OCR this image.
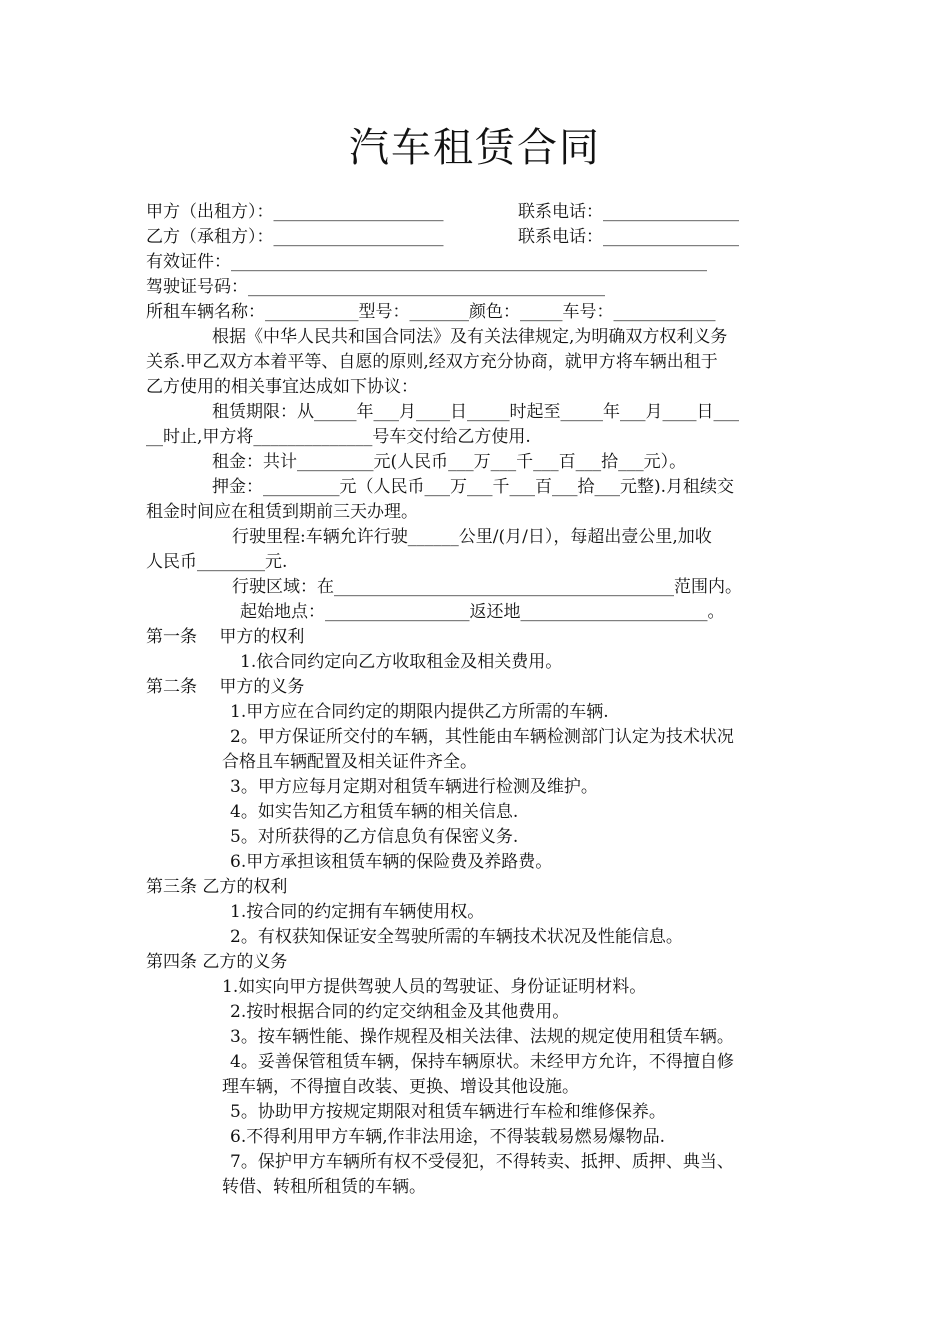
汽车租赁合同
甲方（出租方）：____________________	联系电话：________________
乙方（承租方）：____________________	联系电话：________________
有效证件：________________________________________________________
驾驶证号码：__________________________________________
所租车辆名称：___________型号：_______颜色：_____车号：____________
根据《中华人民共和国合同法》及有关法律规定,为明确双方权利义务
关系.甲乙双方本着平等、自愿的原则,经双方充分协商，就甲方将车辆出租于
乙方使用的相关事宜达成如下协议：
租赁期限：从_____年___月____日_____时起至_____年___月____日___
__时止,甲方将______________号车交付给乙方使用.
租金：共计_________元(人民币___万___千___百___拾___元）。
押金：_________元（人民币___万___千___百___拾___元整).月租续交
租金时间应在租赁到期前三天办理。
行驶里程:车辆允许行驶______公里/(月/日），每超出壹公里,加收
人民币________元.
行驶区域：在________________________________________范围内。
起始地点：_________________返还地______________________。
第一条　 甲方的权利
1.依合同约定向乙方收取租金及相关费用。
第二条　 甲方的义务
1.甲方应在合同约定的期限内提供乙方所需的车辆.
2。甲方保证所交付的车辆，其性能由车辆检测部门认定为技术状况
合格且车辆配置及相关证件齐全。
3。甲方应每月定期对租赁车辆进行检测及维护。
4。如实告知乙方租赁车辆的相关信息.
5。对所获得的乙方信息负有保密义务.
6.甲方承担该租赁车辆的保险费及养路费。
第三条 乙方的权利
1.按合同的约定拥有车辆使用权。
2。有权获知保证安全驾驶所需的车辆技术状况及性能信息。
第四条 乙方的义务
1.如实向甲方提供驾驶人员的驾驶证、身份证证明材料。
2.按时根据合同的约定交纳租金及其他费用。
3。按车辆性能、操作规程及相关法律、法规的规定使用租赁车辆。
4。妥善保管租赁车辆，保持车辆原状。未经甲方允许，不得擅自修
理车辆，不得擅自改装、更换、增设其他设施。
5。协助甲方按规定期限对租赁车辆进行车检和维修保养。
6.不得利用甲方车辆,作非法用途，不得装载易燃易爆物品.
7。保护甲方车辆所有权不受侵犯，不得转卖、抵押、质押、典当、
转借、转租所租赁的车辆。
